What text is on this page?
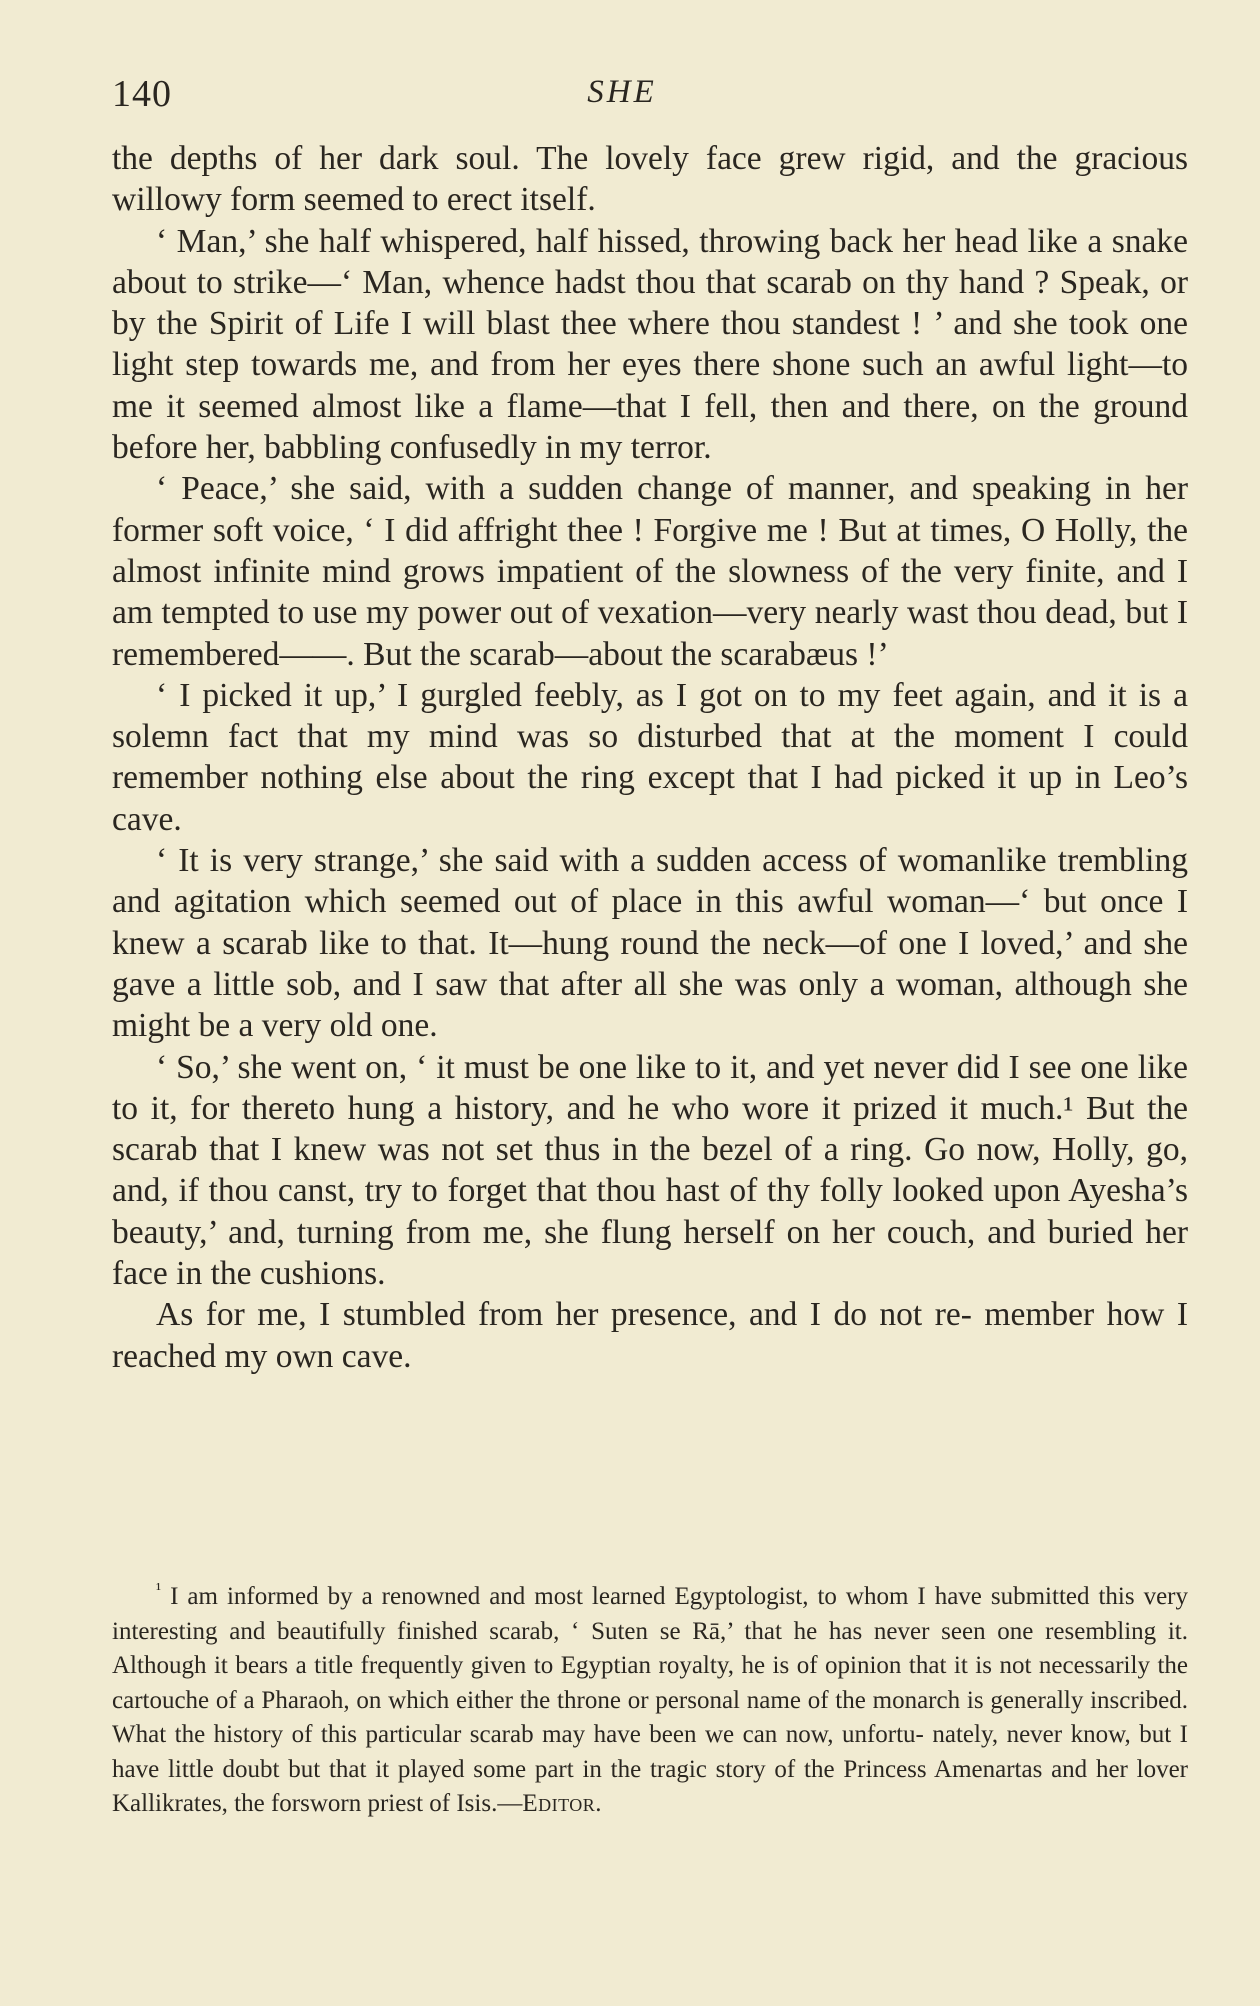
140	SHE

the depths of her dark soul. The lovely face grew rigid, and the gracious willowy form seemed to erect itself.

‘ Man,’ she half whispered, half hissed, throwing back her head like a snake about to strike—‘ Man, whence hadst thou that scarab on thy hand ? Speak, or by the Spirit of Life I will blast thee where thou standest ! ’ and she took one light step towards me, and from her eyes there shone such an awful light—to me it seemed almost like a flame—that I fell, then and there, on the ground before her, babbling confusedly in my terror.

‘ Peace,’ she said, with a sudden change of manner, and speaking in her former soft voice, ‘ I did affright thee ! Forgive me ! But at times, O Holly, the almost infinite mind grows impatient of the slowness of the very finite, and I am tempted to use my power out of vexation—very nearly wast thou dead, but I remembered——. But the scarab—about the scarabæus !’

‘ I picked it up,’ I gurgled feebly, as I got on to my feet again, and it is a solemn fact that my mind was so disturbed that at the moment I could remember nothing else about the ring except that I had picked it up in Leo’s cave.

‘ It is very strange,’ she said with a sudden access of womanlike trembling and agitation which seemed out of place in this awful woman—‘ but once I knew a scarab like to that. It—hung round the neck—of one I loved,’ and she gave a little sob, and I saw that after all she was only a woman, although she might be a very old one.

‘ So,’ she went on, ‘ it must be one like to it, and yet never did I see one like to it, for thereto hung a history, and he who wore it prized it much.¹ But the scarab that I knew was not set thus in the bezel of a ring. Go now, Holly, go, and, if thou canst, try to forget that thou hast of thy folly looked upon Ayesha’s beauty,’ and, turning from me, she flung herself on her couch, and buried her face in the cushions.

As for me, I stumbled from her presence, and I do not re- member how I reached my own cave.

$^{^1}$ I am informed by a renowned and most learned Egyptologist, to whom I have submitted this very interesting and beautifully finished scarab, ‘ Suten se Rā,’ that he has never seen one resembling it. Although it bears a title frequently given to Egyptian royalty, he is of opinion that it is not necessarily the cartouche of a Pharaoh, on which either the throne or personal name of the monarch is generally inscribed. What the history of this particular scarab may have been we can now, unfortu- nately, never know, but I have little doubt but that it played some part in the tragic story of the Princess Amenartas and her lover Kallikrates, the forsworn priest of Isis.—Editor.
